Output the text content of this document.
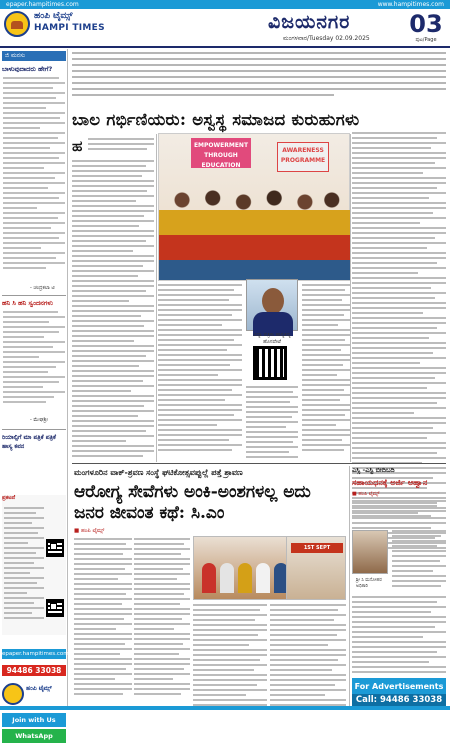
epaper.hampitimes.com	www.hampitimes.com
ಹಂಪಿ ಟೈಮ್ಸ್
HAMPI TIMES	ವಿಜಯನಗರ
ಮಂಗಳವಾರ/Tuesday 02.09.2025
03
ಪುಟ/Page
ಜಿ ಮನಸು
ಬಾಳುವುದಾದರು ಹೇಗೆ?
- ಚಂದ್ರಕಲಾ ಟಿ
ಹನಿ ಸಿ ಹನಿ ಸ್ವಂದನಗಳು
- ಮೇಘಶ್ರೀ
ರಿಯಾಲ್ಟಿಗೆ ಮಾ ಪತ್ರಿಕೆ ಪತ್ರಿಕೆ ಹಾಸ್ಯ ಕವನ
ಪ್ರಕಟನೆ
epaper.hampitimes.com
94486 33038
ಹಂಪಿ ಟೈಮ್ಸ್
Join with Us
WhatsApp
ಬಾಲ ಗರ್ಭಿಣಿಯರು: ಅಸ್ವಸ್ಥ ಸಮಾಜದ ಕುರುಹುಗಳು
ಹ	EMPOWERMENT THROUGH EDUCATION
AWARENESS PROGRAMME
ವಿದ್ಯಾ ಪತ್ರಿಕಾ ಹಾಸ್ಯಕಿಷ್ಯ ಹೊಸಪೇಟೆ
ಮಂಗಳೂರಿನ ವಾಕ್-ಶ್ರವಣ ಸಂಸ್ಥೆ ಘಟಿಕೋತ್ಸವಪ್ಪುಲ್ಲೆ ಪತ್ತೆ ಶ್ರಾವಣ
ಆರೋಗ್ಯ ಸೇವೆಗಳು ಅಂಕಿ-ಅಂಶಗಳಲ್ಲ ಅದು ಜನರ ಜೀವಂತ ಕಥೆ: ಸಿ.ಎಂ
■ ಹಂಪಿ ಟೈಮ್ಸ್
1ST SEPT
ಎಸ್ಸಿ -ಎಸ್ಟಿ ಬೀದಿಬದಿ
ಸಹಾಯಧನಕ್ಕೆ ಅರ್ಜಿ ಆಹ್ವಾನ
■ ಹಂಪಿ ಟೈಮ್ಸ್
ಶ್ರೀ ಸಿ ಮನೋಹರ ಅಧಿಕಾರಿ
For Advertisements
Call: 94486 33038
